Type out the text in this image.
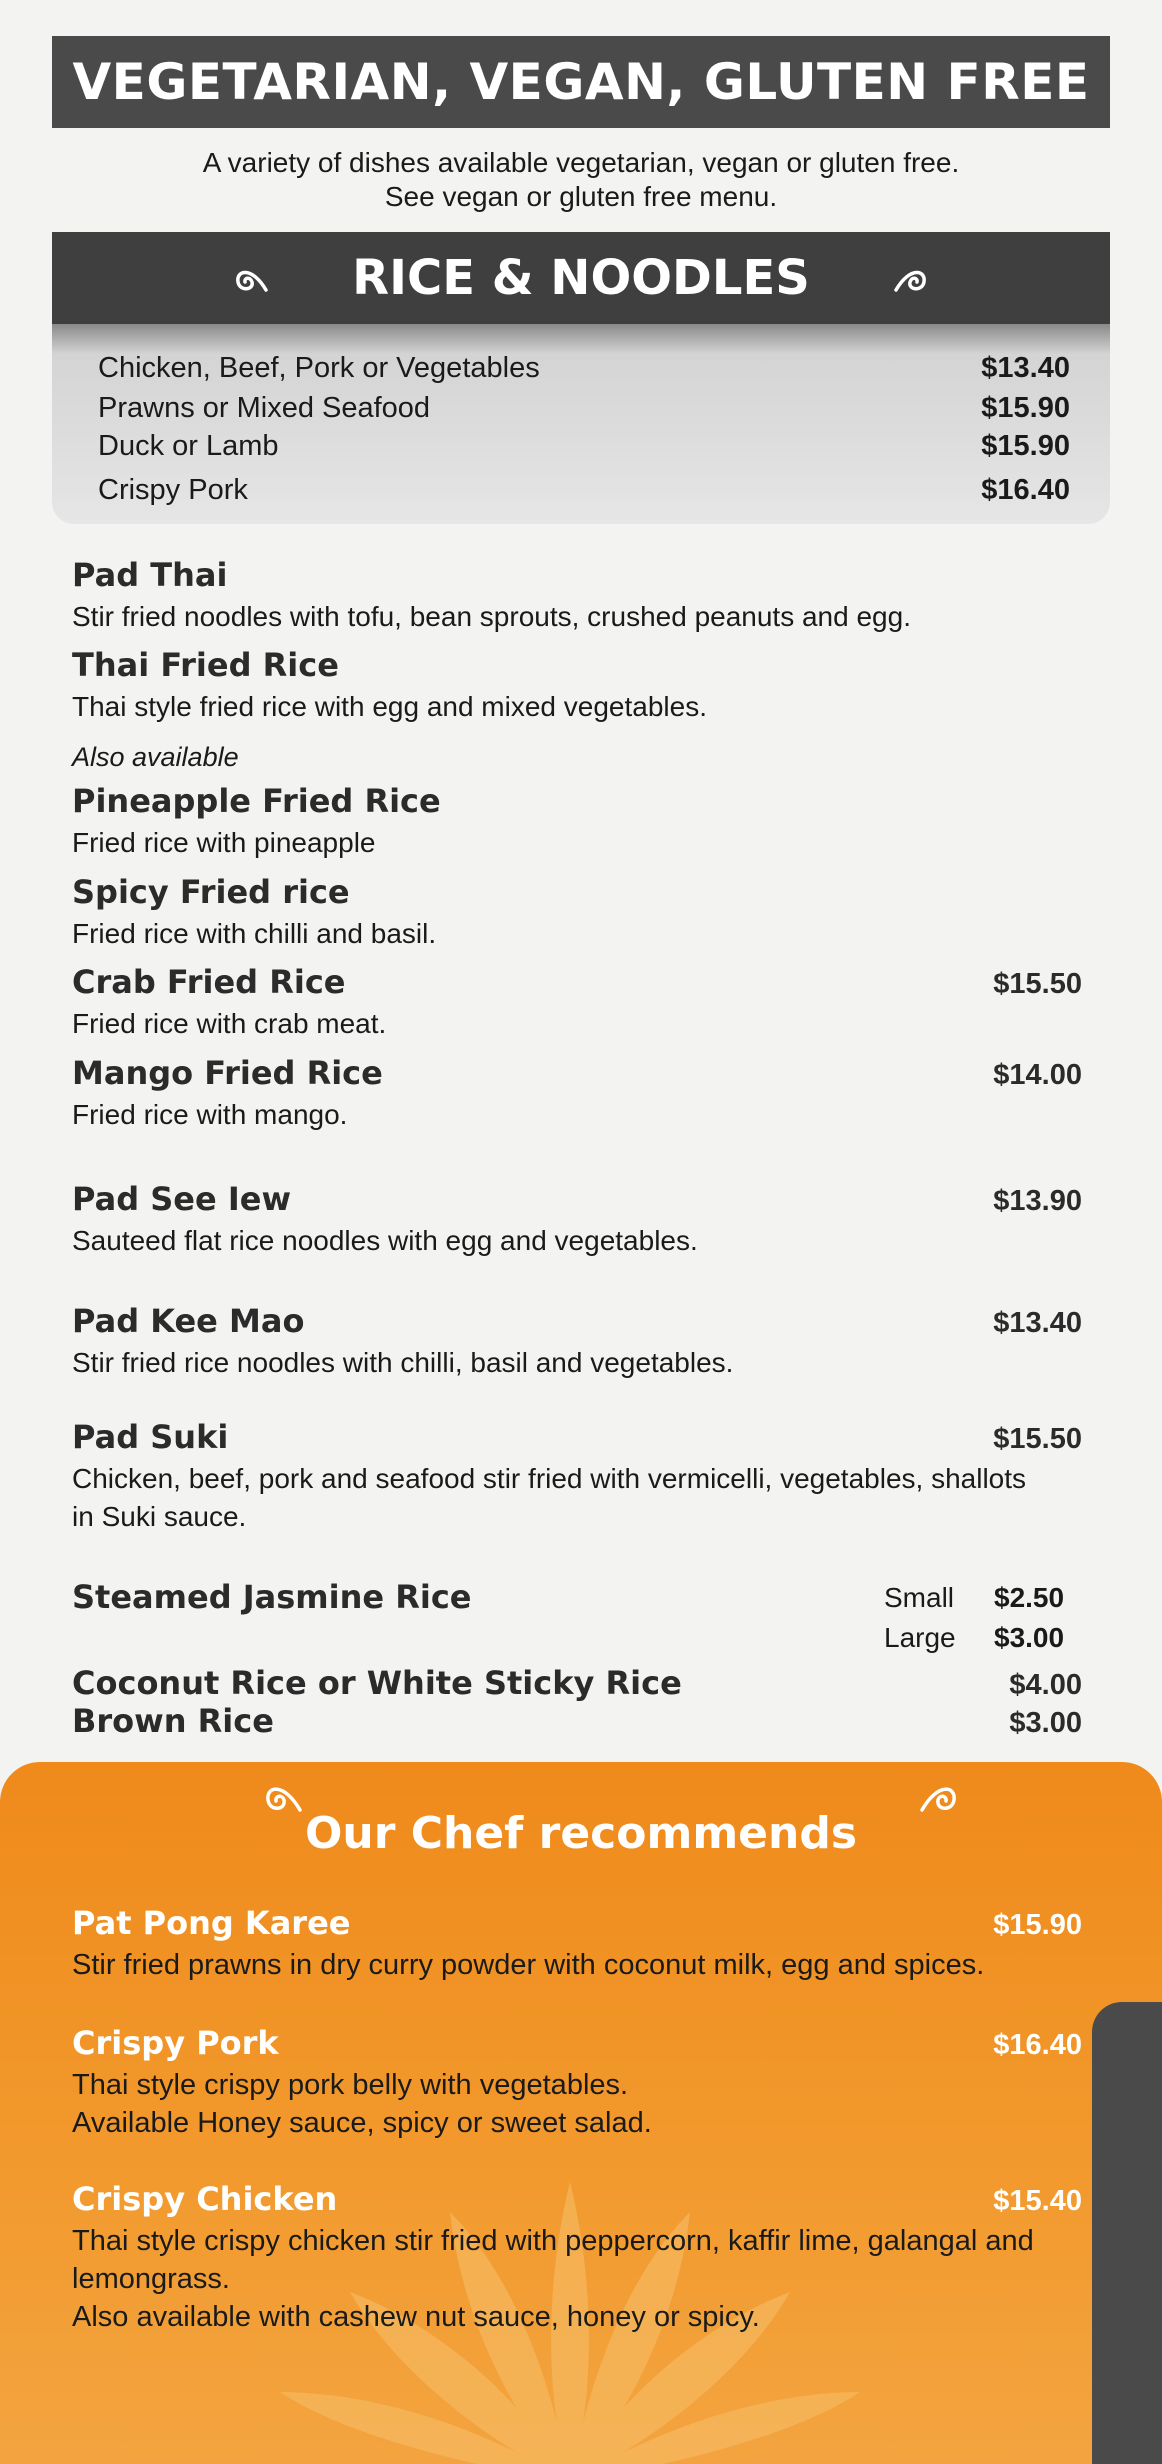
VEGETARIAN, VEGAN, GLUTEN FREE
A variety of dishes available vegetarian, vegan or gluten free.
See vegan or gluten free menu.
RICE & NOODLES
Chicken, Beef, Pork or Vegetables	$13.40
Prawns or Mixed Seafood	$15.90
Duck or Lamb	$15.90
Crispy Pork	$16.40
Pad Thai
Stir fried noodles with tofu, bean sprouts, crushed peanuts and egg.
Thai Fried Rice
Thai style fried rice with egg and mixed vegetables.
Also available
Pineapple Fried Rice
Fried rice with pineapple
Spicy Fried rice
Fried rice with chilli and basil.
Crab Fried Rice	$15.50
Fried rice with crab meat.
Mango Fried Rice	$14.00
Fried rice with mango.
Pad See Iew	$13.90
Sauteed flat rice noodles with egg and vegetables.
Pad Kee Mao	$13.40
Stir fried rice noodles with chilli, basil and vegetables.
Pad Suki	$15.50
Chicken, beef, pork and seafood stir fried with vermicelli, vegetables, shallots in Suki sauce.
Steamed Jasmine Rice	Small $2.50
Large $3.00
Coconut Rice or White Sticky Rice	$4.00
Brown Rice	$3.00
Our Chef recommends
Pat Pong Karee	$15.90
Stir fried prawns in dry curry powder with coconut milk, egg and spices.
Crispy Pork	$16.40
Thai style crispy pork belly with vegetables.
Available Honey sauce, spicy or sweet salad.
Crispy Chicken	$15.40
Thai style crispy chicken stir fried with peppercorn, kaffir lime, galangal and lemongrass.
Also available with cashew nut sauce, honey or spicy.
